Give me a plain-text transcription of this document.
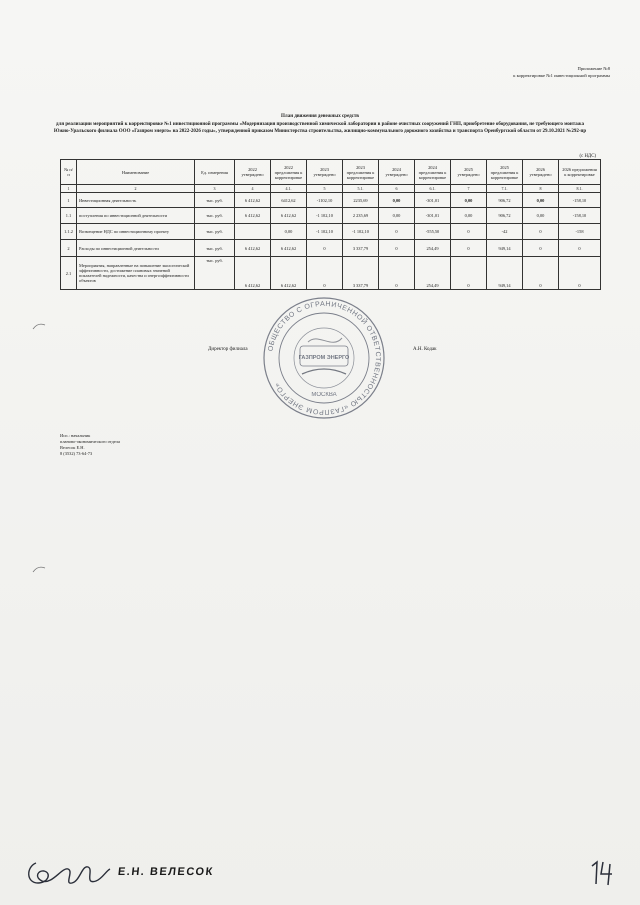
Приложение №8
к корректировке №1 инвестиционной программы
План движения денежных средств
для реализации мероприятий к корректировке №1 инвестиционной программы «Модернизация производственной химической лаборатории в районе очистных сооружений ГНП, приобретение оборудования, не требующего монтажа Южно-Уральского филиала ООО «Газпром энерго» на 2022-2026 годы», утвержденной приказом Министерства строительства, жилищно-коммунального дорожного хозяйства и транспорта Оренбургской области от 29.10.2021 №292-пр
(с НДС)
№ п/п	Наименование	Ед. измерения	2022 утверждено	2022 предложения к корректировке	2023 утверждено	2023 предложения к корректировке	2024 утверждено	2024 предложения к корректировке	2025 утверждено	2025 предложения к корректировке	2026 утверждено	2026 предложения к корректировке
1	2	3	4	4.1.	5	5.1.	6	6.1.	7	7.1.	8	8.1.
1	Инвестиционная деятельность	тыс. руб.	6 412,62	6412,62	-1102,10	2235,69	0,00	-301,01	0,00	906,72	0,00	-158,10
1.1	поступления по инвестиционной деятельности	тыс. руб.	6 412,62	6 412,62	-1 102,10	2 235,69	0,00	-301,01	0,00	906,72	0,00	-158,10
1.1.2	Возмещение НДС по инвестиционному проекту	тыс. руб.		0,00	-1 102,10	-1 102,10	0	-555,50	0	-42	0	-158
2	Расходы по инвестиционной деятельности	тыс. руб.	6 412,62	6 412,62	0	3 337,79	0	254,49	0	949,14	0	0
2.1	Мероприятия, направленные на повышение экологической эффективности, достижение плановых значений показателей надежности, качества и энергоэффективности объектов	тыс. руб.	6 412,62	6 412,62	0	3 337,79	0	254,49	0	949,14	0	0
ОБЩЕСТВО С ОГРАНИЧЕННОЙ ОТВЕТСТВЕННОСТЬЮ «ГАЗПРОМ ЭНЕРГО»
МОСКВА
ГАЗПРОМ ЭНЕРГО
Директор филиала	А.Н. Кодак
Исп.: начальник
планово-экономического отдела
Велесок Е.Н.
8 (3532) 73-64-73
Е.Н. ВЕЛЕСОК
